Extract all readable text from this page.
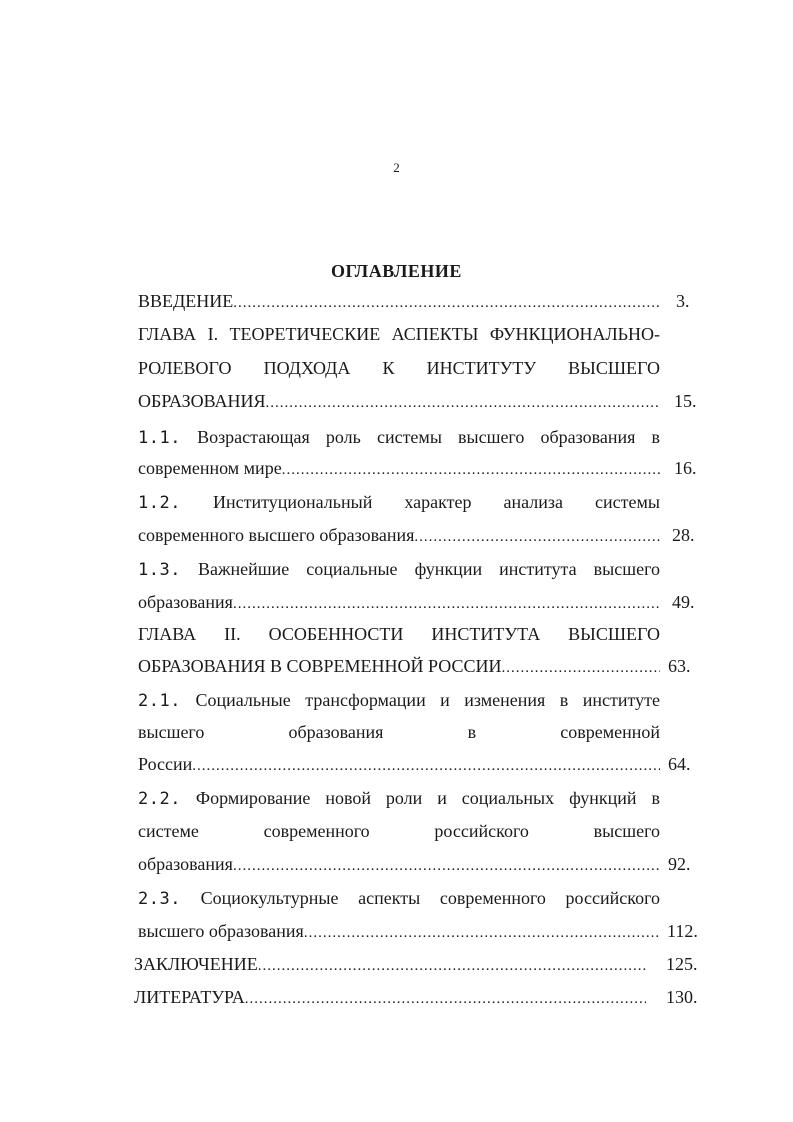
2
ОГЛАВЛЕНИЕ
ВВЕДЕНИЕ .....	3.
ГЛАВА I. ТЕОРЕТИЧЕСКИЕ АСПЕКТЫ ФУНКЦИОНАЛЬНО-
РОЛЕВОГО ПОДХОДА К ИНСТИТУТУ ВЫСШЕГО
ОБРАЗОВАНИЯ .....	15.
1.1. Возрастающая роль системы высшего образования в
современном мире .....	16.
1.2. Институциональный характер анализа системы
современного высшего образования .....	28.
1.3. Важнейшие социальные функции института высшего
образования .....	49.
ГЛАВА II. ОСОБЕННОСТИ ИНСТИТУТА ВЫСШЕГО
ОБРАЗОВАНИЯ В СОВРЕМЕННОЙ РОССИИ .....	63.
2.1. Социальные трансформации и изменения в институте
высшего образования в современной
России .....	64.
2.2. Формирование новой роли и социальных функций в
системе современного российского высшего
образования .....	92.
2.3. Социокультурные аспекты современного российского
высшего образования .....	112.
ЗАКЛЮЧЕНИЕ .....	125.
ЛИТЕРАТУРА .....	130.
